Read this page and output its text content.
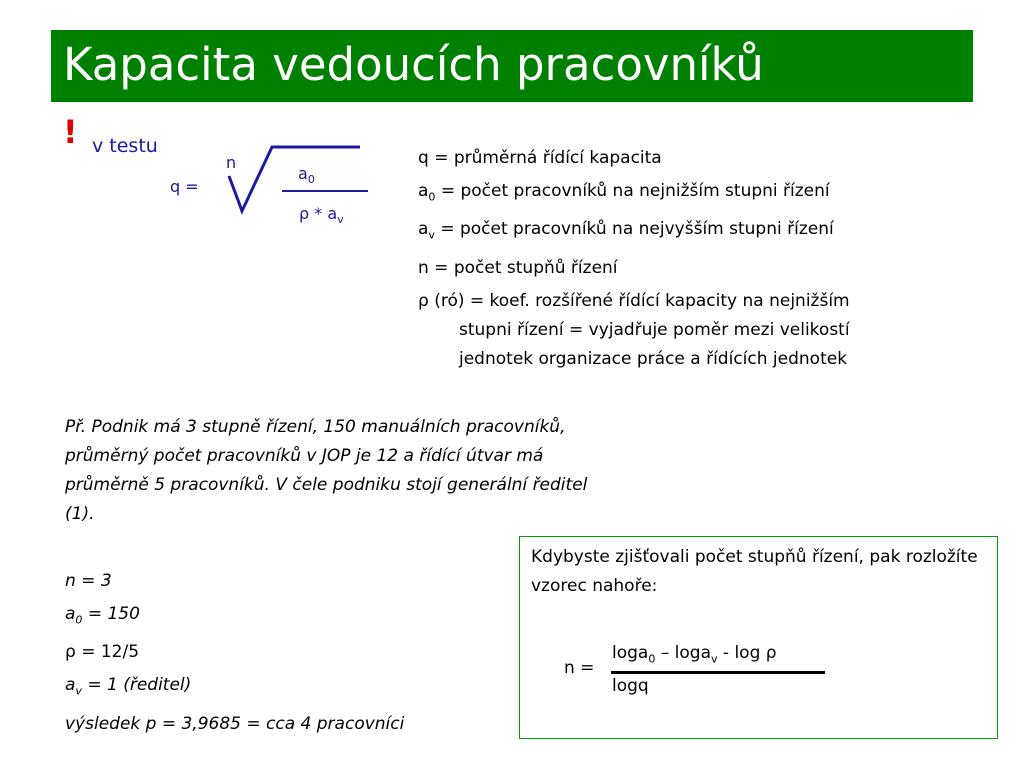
Kapacita vedoucích pracovníků
! v testu
q =
n
$a_0$
ρ * $a_v$
q = průměrná řídící kapacita
$a_0$ = počet pracovníků na nejnižším stupni řízení
$a_v$ = počet pracovníků na nejvyšším stupni řízení
n = počet stupňů řízení
ρ (ró) = koef. rozšířené řídící kapacity na nejnižším
stupni řízení = vyjadřuje poměr mezi velikostí
jednotek organizace práce a řídících jednotek
Př. Podnik má 3 stupně řízení, 150 manuálních pracovníků,
průměrný počet pracovníků v JOP je 12 a řídící útvar má
průměrně 5 pracovníků. V čele podniku stojí generální ředitel
(1).
n = 3
$a_0 = 150$
ρ = 12/5
$a_v = 1$ (ředitel)
výsledek p = 3,9685 = cca 4 pracovníci
Kdybyste zjišťovali počet stupňů řízení, pak rozložíte vzorec nahoře:
n =
loga$_0$ – loga$_v$ - log ρ
logq
